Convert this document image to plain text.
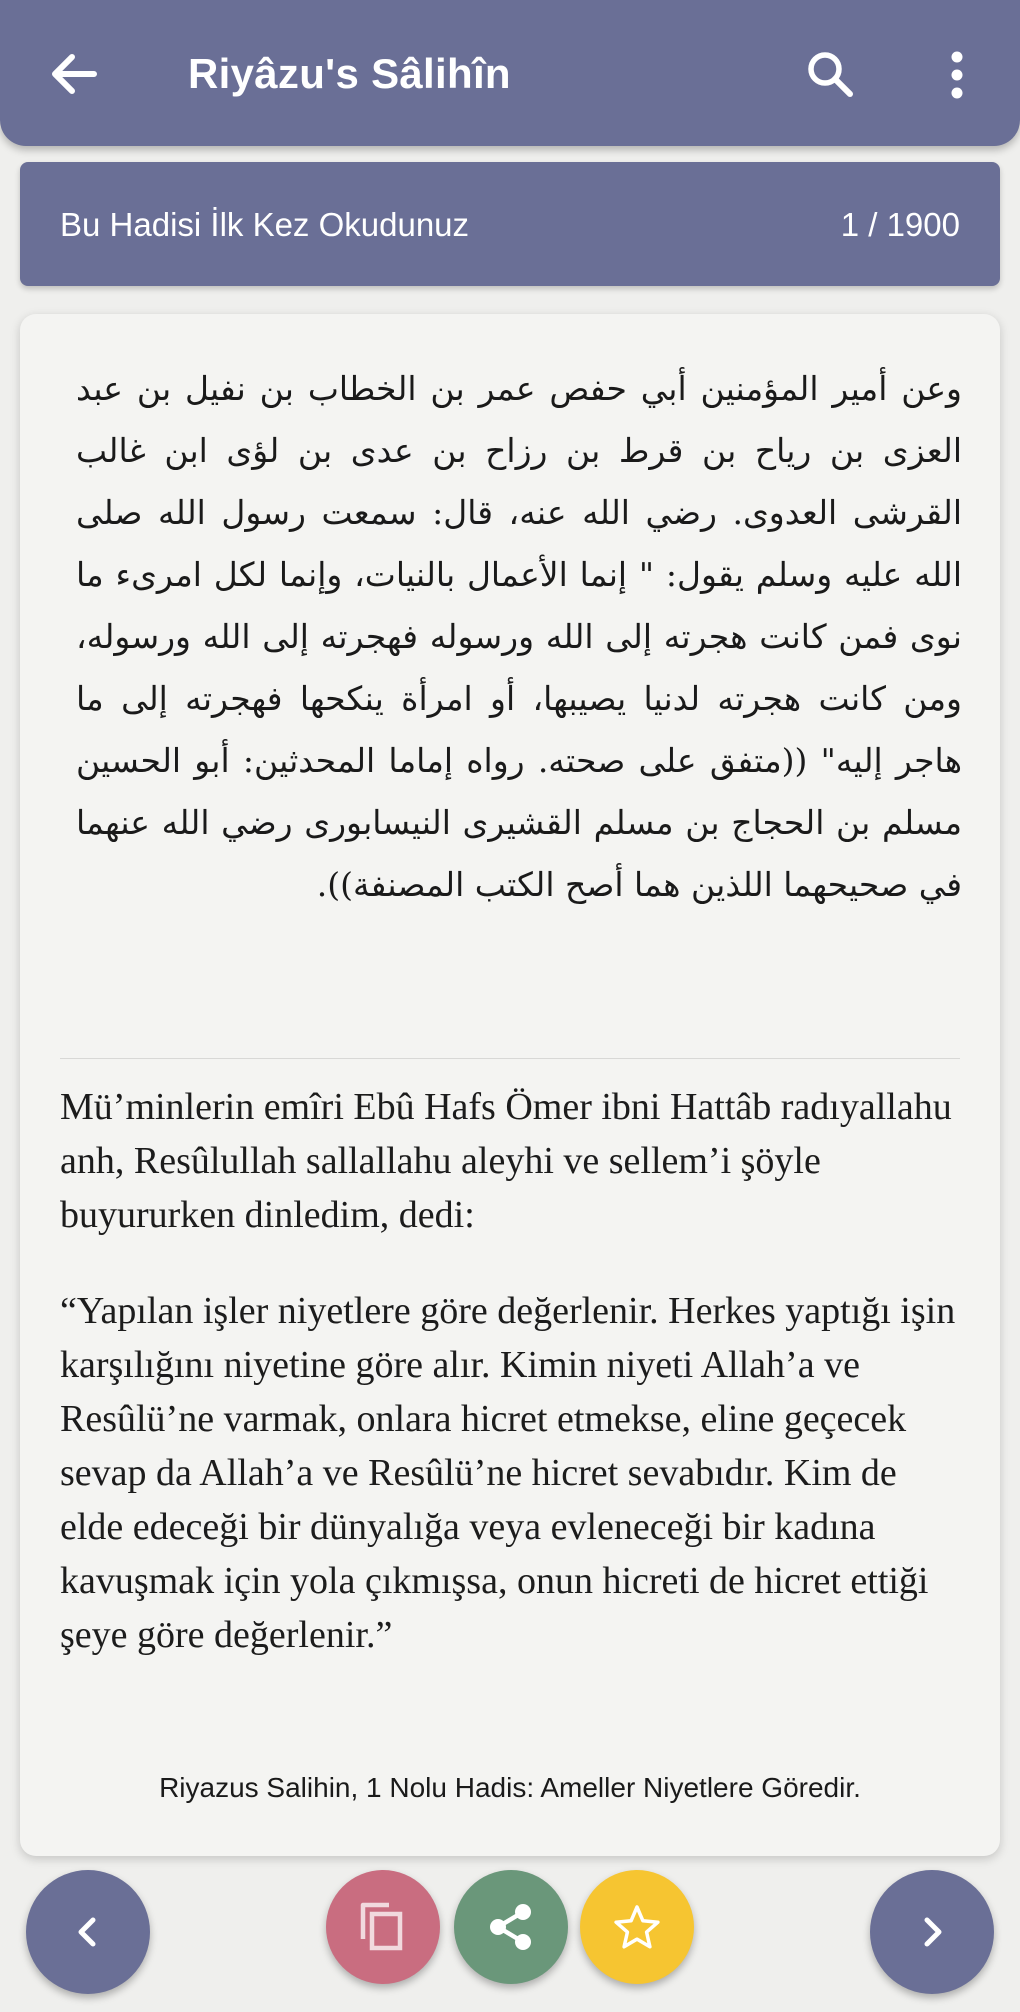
Riyâzu's Sâlihîn
Bu Hadisi İlk Kez Okudunuz	1 / 1900
وعن أمير المؤمنين أبي حفص عمر بن الخطاب بن نفيل بن عبد العزى بن رياح بن قرط بن رزاح بن عدى بن لؤى ابن غالب القرشى العدوى. رضي الله عنه، قال: سمعت رسول الله صلى الله عليه وسلم يقول: " إنما الأعمال بالنيات، وإنما لكل امرىء ما نوى فمن كانت هجرته إلى الله ورسوله فهجرته إلى الله ورسوله، ومن كانت هجرته لدنيا يصيبها، أو امرأة ينكحها فهجرته إلى ما هاجر إليه" ((متفق على صحته. رواه إماما المحدثين: أبو الحسين مسلم بن الحجاج بن مسلم القشيرى النيسابورى رضي الله عنهما في صحيحهما اللذين هما أصح الكتب المصنفة)).

Mü’minlerin emîri Ebû Hafs Ömer ibni Hattâb radıyallahu anh, Resûlullah sallallahu aleyhi ve sellem’i şöyle buyururken dinledim, dedi:

“Yapılan işler niyetlere göre değerlenir. Herkes yaptığı işin karşılığını niyetine göre alır. Kimin niyeti Allah’a ve Resûlü’ne varmak, onlara hicret etmekse, eline geçecek sevap da Allah’a ve Resûlü’ne hicret sevabıdır. Kim de elde edeceği bir dünyalığa veya evleneceği bir kadına kavuşmak için yola çıkmışsa, onun hicreti de hicret ettiği şeye göre değerlenir.”

Riyazus Salihin, 1 Nolu Hadis: Ameller Niyetlere Göredir.
